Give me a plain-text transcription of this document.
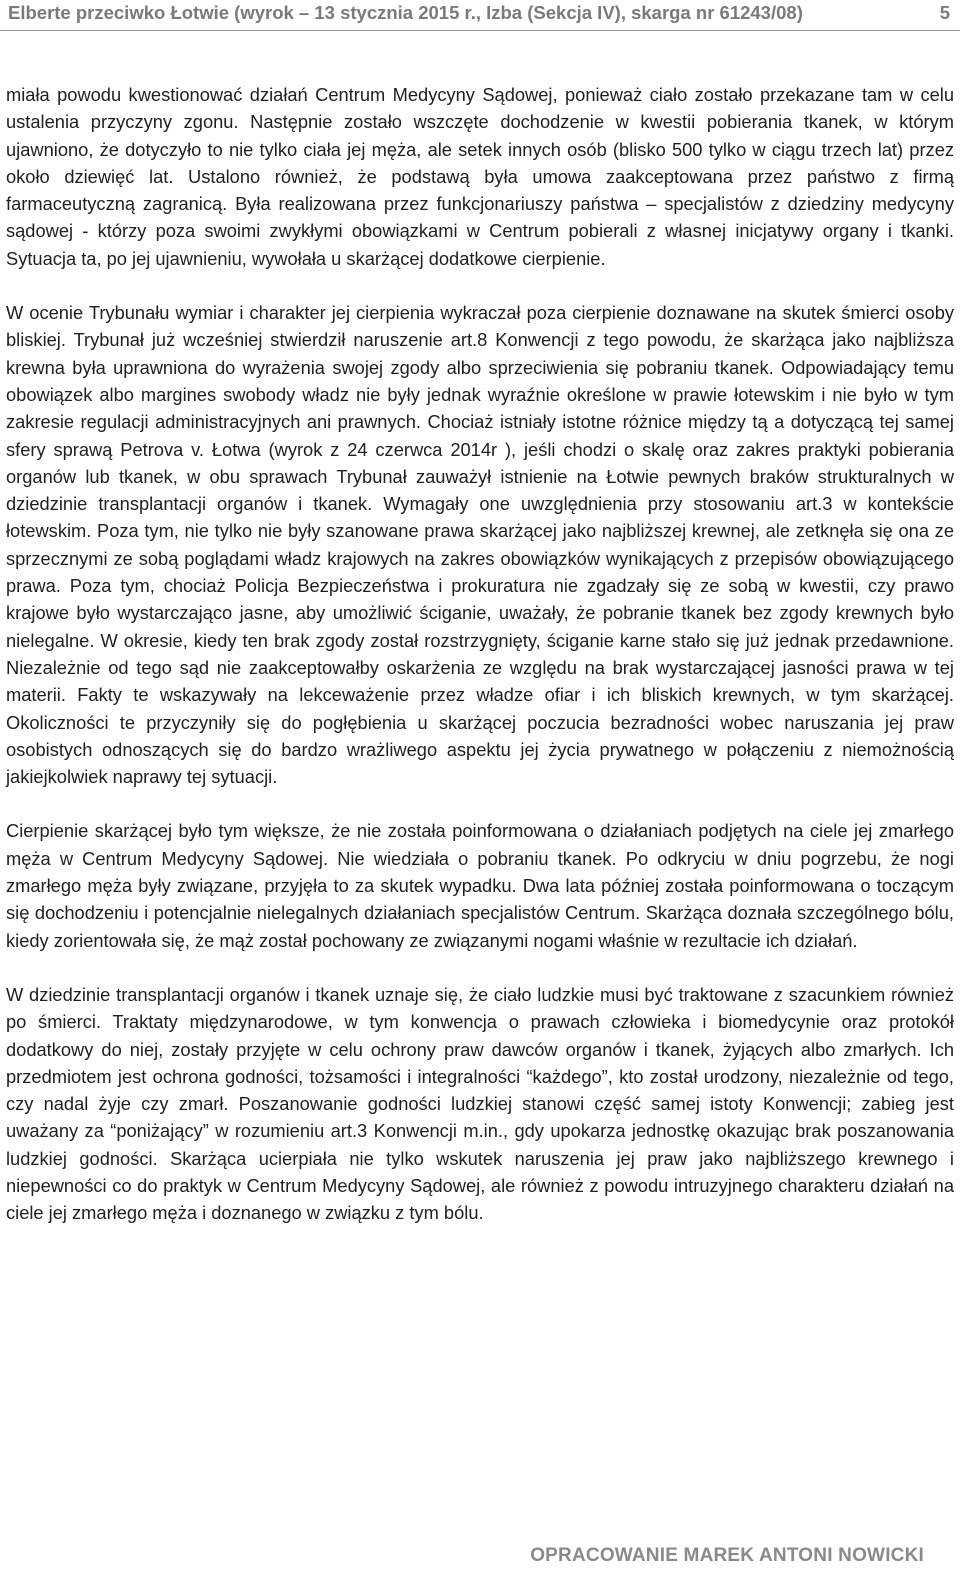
Elberte przeciwko Łotwie (wyrok – 13 stycznia 2015 r., Izba (Sekcja IV), skarga nr 61243/08)	5

miała powodu kwestionować działań Centrum Medycyny Sądowej, ponieważ ciało zostało przekazane tam w celu ustalenia przyczyny zgonu. Następnie zostało wszczęte dochodzenie w kwestii pobierania tkanek, w którym ujawniono, że dotyczyło to nie tylko ciała jej męża, ale setek innych osób (blisko 500 tylko w ciągu trzech lat) przez około dziewięć lat. Ustalono również, że podstawą była umowa zaakceptowana przez państwo z firmą farmaceutyczną zagranicą. Była realizowana przez funkcjonariuszy państwa – specjalistów z dziedziny medycyny sądowej - którzy poza swoimi zwykłymi obowiązkami w Centrum pobierali z własnej inicjatywy organy i tkanki. Sytuacja ta, po jej ujawnieniu, wywołała u skarżącej dodatkowe cierpienie.

W ocenie Trybunału wymiar i charakter jej cierpienia wykraczał poza cierpienie doznawane na skutek śmierci osoby bliskiej. Trybunał już wcześniej stwierdził naruszenie art.8 Konwencji z tego powodu, że skarżąca jako najbliższa krewna była uprawniona do wyrażenia swojej zgody albo sprzeciwienia się pobraniu tkanek. Odpowiadający temu obowiązek albo margines swobody władz nie były jednak wyraźnie określone w prawie łotewskim i nie było w tym zakresie regulacji administracyjnych ani prawnych. Chociaż istniały istotne różnice między tą a dotyczącą tej samej sfery sprawą Petrova v. Łotwa (wyrok z 24 czerwca 2014r ), jeśli chodzi o skalę oraz zakres praktyki pobierania organów lub tkanek, w obu sprawach Trybunał zauważył istnienie na Łotwie pewnych braków strukturalnych w dziedzinie transplantacji organów i tkanek. Wymagały one uwzględnienia przy stosowaniu art.3 w kontekście łotewskim. Poza tym, nie tylko nie były szanowane prawa skarżącej jako najbliższej krewnej, ale zetknęła się ona ze sprzecznymi ze sobą poglądami władz krajowych na zakres obowiązków wynikających z przepisów obowiązującego prawa. Poza tym, chociaż Policja Bezpieczeństwa i prokuratura nie zgadzały się ze sobą w kwestii, czy prawo krajowe było wystarczająco jasne, aby umożliwić ściganie, uważały, że pobranie tkanek bez zgody krewnych było nielegalne. W okresie, kiedy ten brak zgody został rozstrzygnięty, ściganie karne stało się już jednak przedawnione. Niezależnie od tego sąd nie zaakceptowałby oskarżenia ze względu na brak wystarczającej jasności prawa w tej materii. Fakty te wskazywały na lekceważenie przez władze ofiar i ich bliskich krewnych, w tym skarżącej. Okoliczności te przyczyniły się do pogłębienia u skarżącej poczucia bezradności wobec naruszania jej praw osobistych odnoszących się do bardzo wrażliwego aspektu jej życia prywatnego w połączeniu z niemożnością jakiejkolwiek naprawy tej sytuacji.

Cierpienie skarżącej było tym większe, że nie została poinformowana o działaniach podjętych na ciele jej zmarłego męża w Centrum Medycyny Sądowej. Nie wiedziała o pobraniu tkanek. Po odkryciu w dniu pogrzebu, że nogi zmarłego męża były związane, przyjęła to za skutek wypadku. Dwa lata później została poinformowana o toczącym się dochodzeniu i potencjalnie nielegalnych działaniach specjalistów Centrum. Skarżąca doznała szczególnego bólu, kiedy zorientowała się, że mąż został pochowany ze związanymi nogami właśnie w rezultacie ich działań.

W dziedzinie transplantacji organów i tkanek uznaje się, że ciało ludzkie musi być traktowane z szacunkiem również po śmierci. Traktaty międzynarodowe, w tym konwencja o prawach człowieka i biomedycynie oraz protokół dodatkowy do niej, zostały przyjęte w celu ochrony praw dawców organów i tkanek, żyjących albo zmarłych. Ich przedmiotem jest ochrona godności, tożsamości i integralności “każdego”, kto został urodzony, niezależnie od tego, czy nadal żyje czy zmarł. Poszanowanie godności ludzkiej stanowi część samej istoty Konwencji; zabieg jest uważany za “poniżający” w rozumieniu art.3 Konwencji m.in., gdy upokarza jednostkę okazując brak poszanowania ludzkiej godności. Skarżąca ucierpiała nie tylko wskutek naruszenia jej praw jako najbliższego krewnego i niepewności co do praktyk w Centrum Medycyny Sądowej, ale również z powodu intruzyjnego charakteru działań na ciele jej zmarłego męża i doznanego w związku z tym bólu.

OPRACOWANIE MAREK ANTONI NOWICKI
